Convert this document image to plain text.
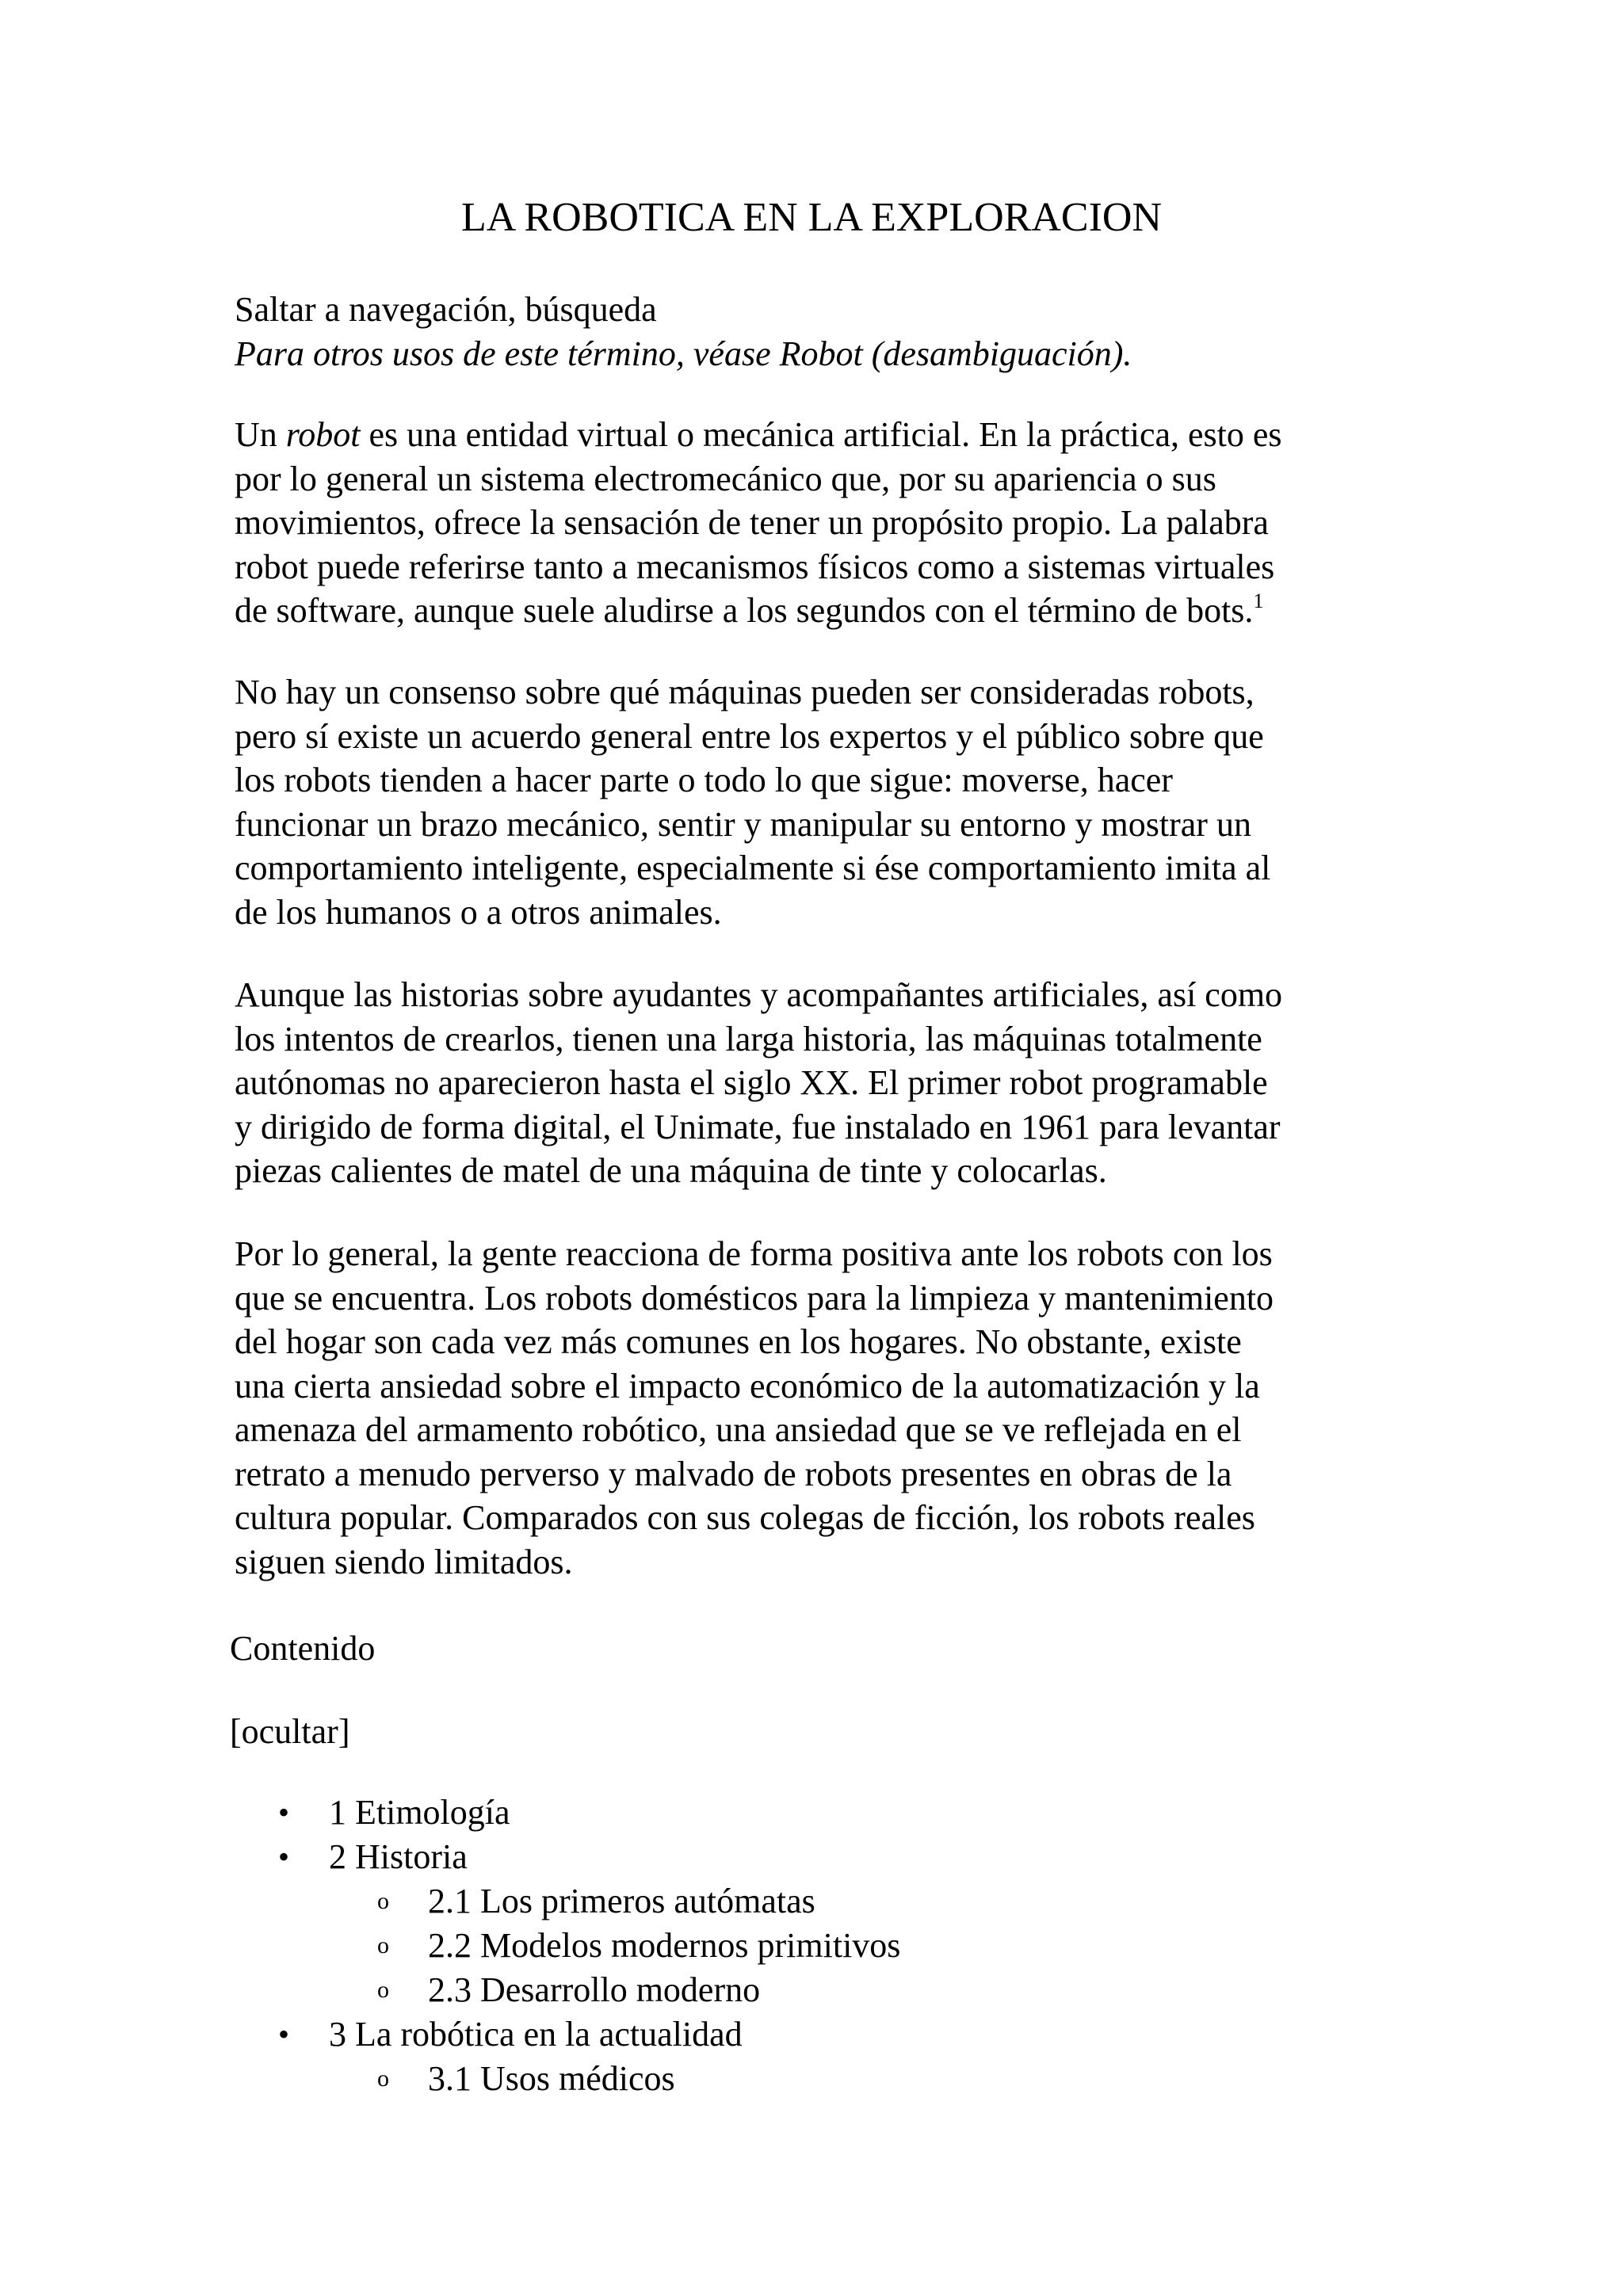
LA ROBOTICA EN LA EXPLORACION
Saltar a navegación, búsqueda
Para otros usos de este término, véase Robot (desambiguación).
Un robot es una entidad virtual o mecánica artificial. En la práctica, esto es
por lo general un sistema electromecánico que, por su apariencia o sus
movimientos, ofrece la sensación de tener un propósito propio. La palabra
robot puede referirse tanto a mecanismos físicos como a sistemas virtuales
de software, aunque suele aludirse a los segundos con el término de bots.$^1$
No hay un consenso sobre qué máquinas pueden ser consideradas robots,
pero sí existe un acuerdo general entre los expertos y el público sobre que
los robots tienden a hacer parte o todo lo que sigue: moverse, hacer
funcionar un brazo mecánico, sentir y manipular su entorno y mostrar un
comportamiento inteligente, especialmente si ése comportamiento imita al
de los humanos o a otros animales.
Aunque las historias sobre ayudantes y acompañantes artificiales, así como
los intentos de crearlos, tienen una larga historia, las máquinas totalmente
autónomas no aparecieron hasta el siglo XX. El primer robot programable
y dirigido de forma digital, el Unimate, fue instalado en 1961 para levantar
piezas calientes de matel de una máquina de tinte y colocarlas.
Por lo general, la gente reacciona de forma positiva ante los robots con los
que se encuentra. Los robots domésticos para la limpieza y mantenimiento
del hogar son cada vez más comunes en los hogares. No obstante, existe
una cierta ansiedad sobre el impacto económico de la automatización y la
amenaza del armamento robótico, una ansiedad que se ve reflejada en el
retrato a menudo perverso y malvado de robots presentes en obras de la
cultura popular. Comparados con sus colegas de ficción, los robots reales
siguen siendo limitados.

Contenido

[ocultar]

• 1 Etimología
• 2 Historia
o 2.1 Los primeros autómatas
o 2.2 Modelos modernos primitivos
o 2.3 Desarrollo moderno
• 3 La robótica en la actualidad
o 3.1 Usos médicos
